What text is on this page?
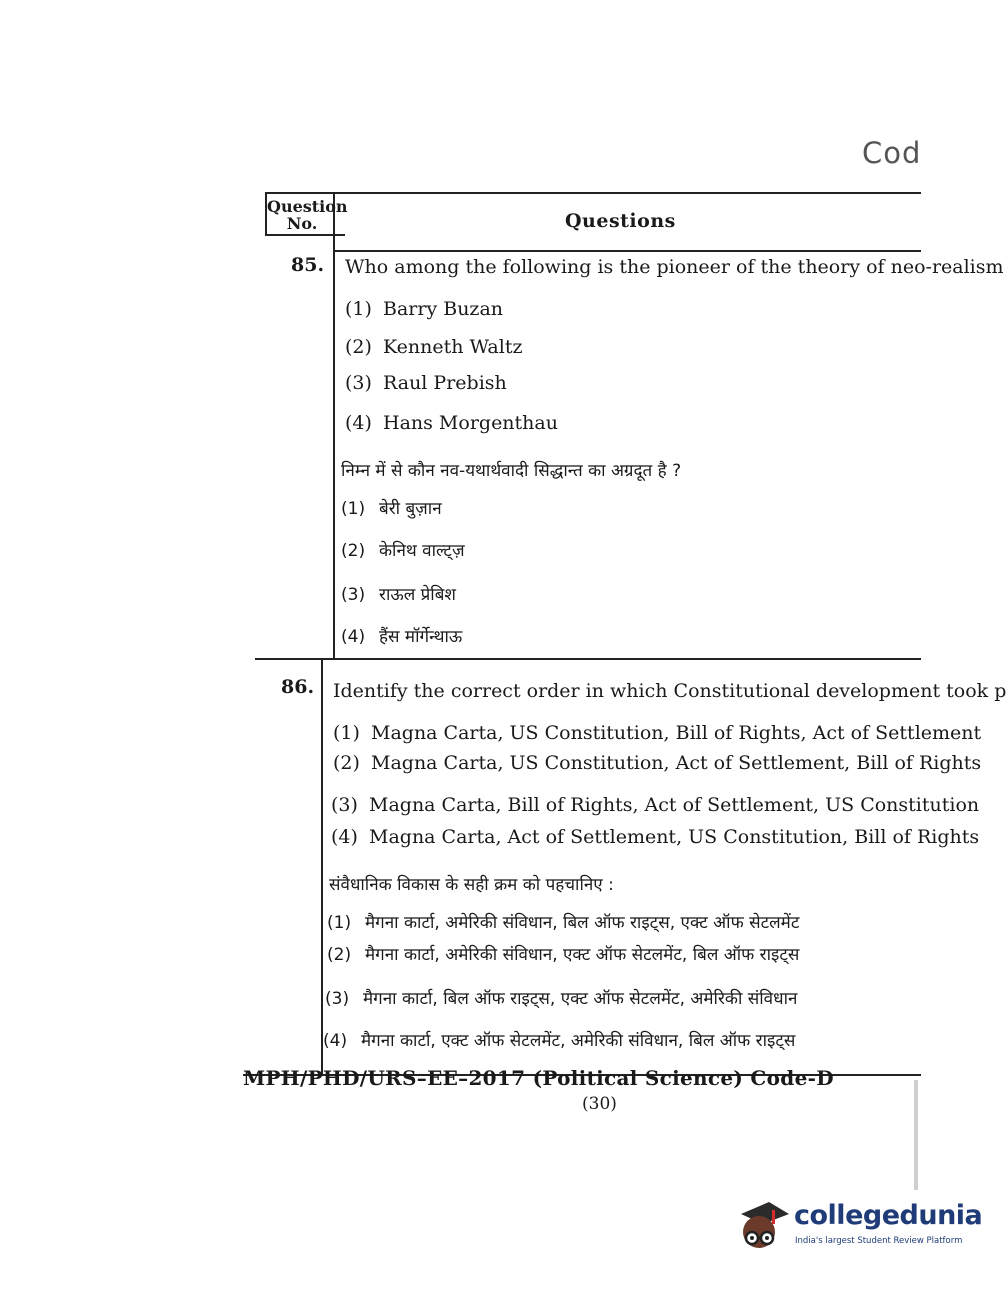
Cod
Question No.	Questions
85. Who among the following is the pioneer of the theory of neo-realism
(1) Barry Buzan
(2) Kenneth Waltz
(3) Raul Prebish
(4) Hans Morgenthau
निम्न में से कौन नव-यथार्थवादी सिद्धान्त का अग्रदूत है ?
(1) बेरी बुज़ान
(2) केनिथ वाल्ट्ज़
(3) राऊल प्रेबिश
(4) हैंस मॉर्गेन्थाऊ
86. Identify the correct order in which Constitutional development took p
(1) Magna Carta, US Constitution, Bill of Rights, Act of Settlement
(2) Magna Carta, US Constitution, Act of Settlement, Bill of Rights
(3) Magna Carta, Bill of Rights, Act of Settlement, US Constitution
(4) Magna Carta, Act of Settlement, US Constitution, Bill of Rights
संवैधानिक विकास के सही क्रम को पहचानिए :
(1) मैगना कार्टा, अमेरिकी संविधान, बिल ऑफ राइट्स, एक्ट ऑफ सेटलमेंट
(2) मैगना कार्टा, अमेरिकी संविधान, एक्ट ऑफ सेटलमेंट, बिल ऑफ राइट्स
(3) मैगना कार्टा, बिल ऑफ राइट्स, एक्ट ऑफ सेटलमेंट, अमेरिकी संविधान
(4) मैगना कार्टा, एक्ट ऑफ सेटलमेंट, अमेरिकी संविधान, बिल ऑफ राइट्स
MPH/PHD/URS–EE–2017 (Political Science) Code-D
(30)
collegedunia
India's largest Student Review Platform
